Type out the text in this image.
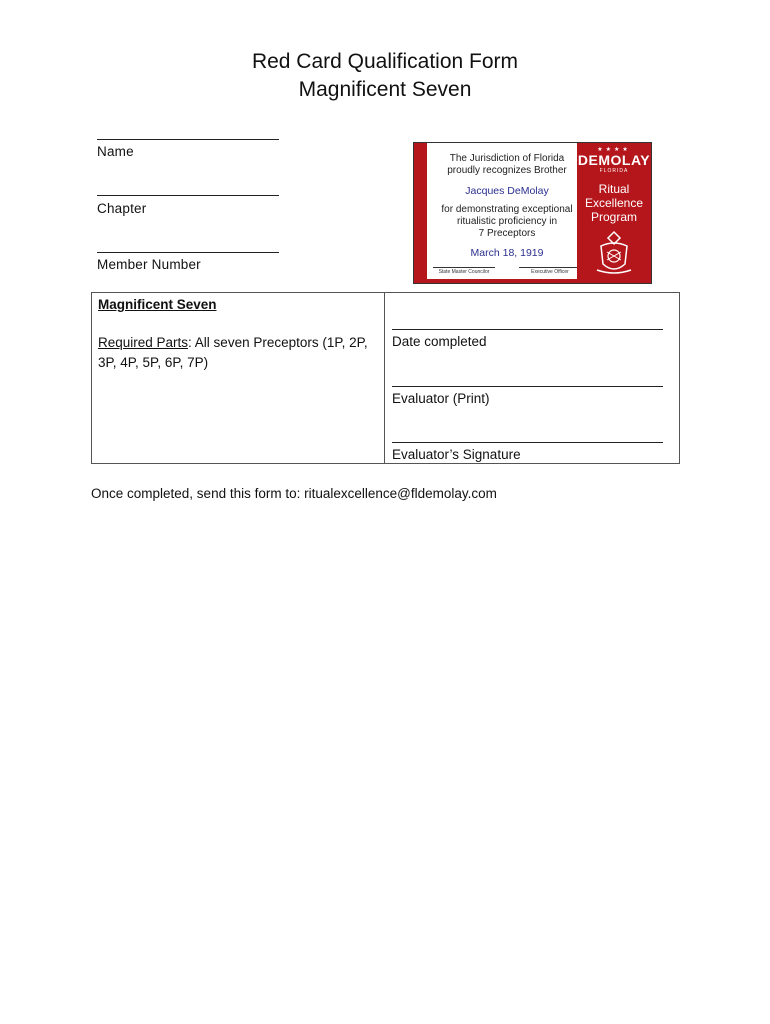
Red Card Qualification Form
Magnificent Seven
Name
Chapter
Member Number
The Jurisdiction of Florida
proudly recognizes Brother
Jacques DeMolay
for demonstrating exceptional
ritualistic proficiency in
7 Preceptors
March 18, 1919
State Master Councilor	Executive Officer
★★★★
DEMOLAY
FLORIDA
Ritual
Excellence
Program
Magnificent Seven
Required Parts: All seven Preceptors (1P, 2P, 3P, 4P, 5P, 6P, 7P)
Date completed
Evaluator (Print)
Evaluator’s Signature
Once completed, send this form to: ritualexcellence@fldemolay.com
